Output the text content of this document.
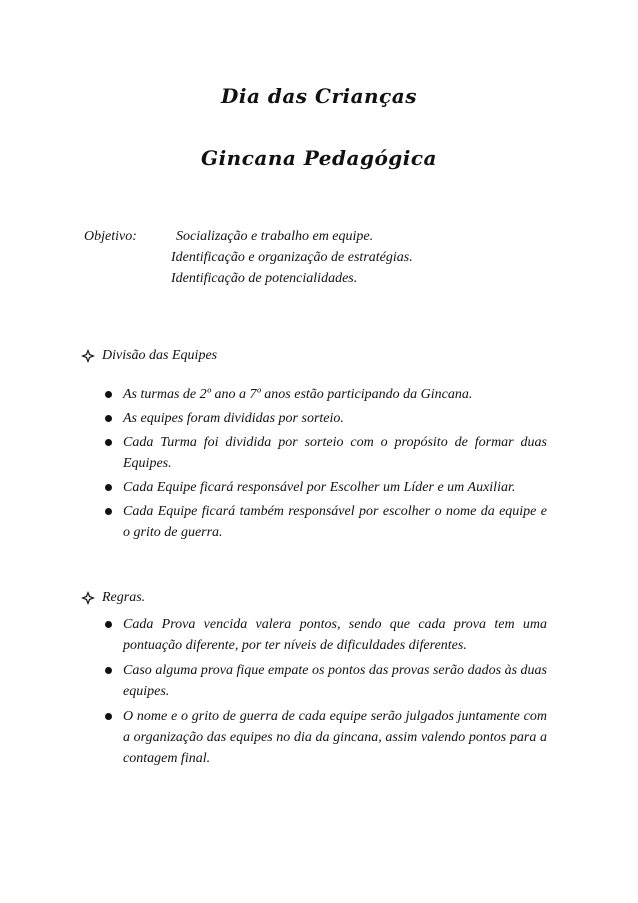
Dia das Crianças
Gincana Pedagógica
Objetivo:	Socialização e trabalho em equipe.
Identificação e organização de estratégias.
Identificação de potencialidades.
Divisão das Equipes
As turmas de 2º ano a 7º anos estão participando da Gincana.
As equipes foram divididas por sorteio.
Cada Turma foi dividida por sorteio com o propósito de formar duas Equipes.
Cada Equipe ficará responsável por Escolher um Líder e um Auxiliar.
Cada Equipe ficará também responsável por escolher o nome da equipe e o grito de guerra.
Regras.
Cada Prova vencida valera pontos, sendo que cada prova tem uma pontuação diferente, por ter níveis de dificuldades diferentes.
Caso alguma prova fique empate os pontos das provas serão dados às duas equipes.
O nome e o grito de guerra de cada equipe serão julgados juntamente com a organização das equipes no dia da gincana, assim valendo pontos para a contagem final.
